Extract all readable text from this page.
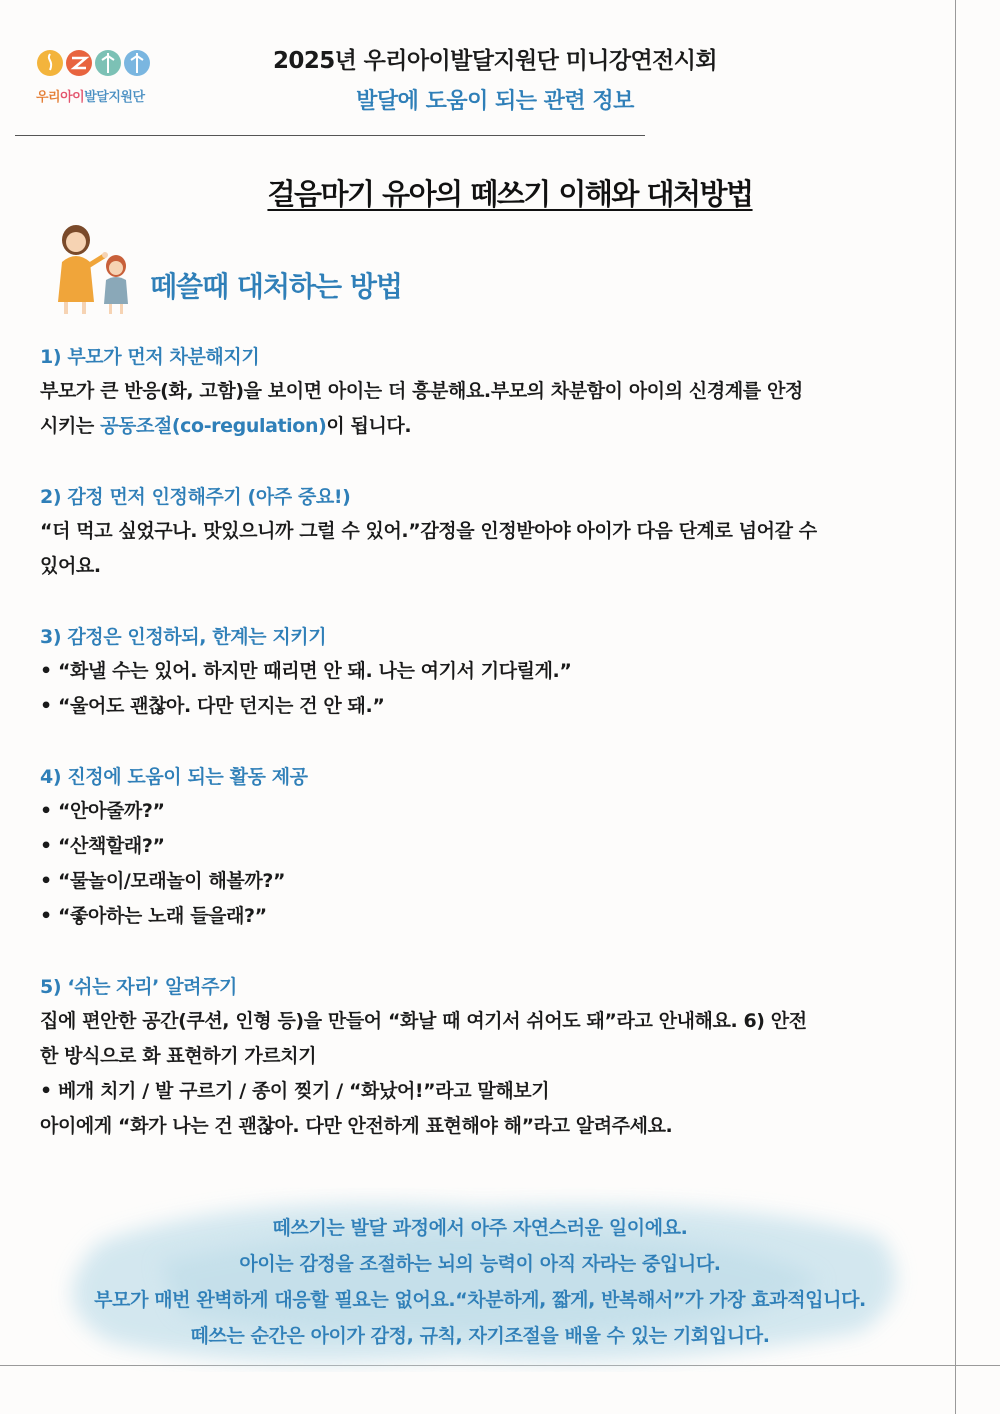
우리아이발달지원단
2025년 우리아이발달지원단 미니강연전시회
발달에 도움이 되는 관련 정보
걸음마기 유아의 떼쓰기 이해와 대처방법
떼쓸때 대처하는 방법
1) 부모가 먼저 차분해지기
부모가 큰 반응(화, 고함)을 보이면 아이는 더 흥분해요.부모의 차분함이 아이의 신경계를 안정
시키는 공동조절(co-regulation)이 됩니다.
2) 감정 먼저 인정해주기 (아주 중요!)
“더 먹고 싶었구나. 맛있으니까 그럴 수 있어.”감정을 인정받아야 아이가 다음 단계로 넘어갈 수
있어요.
3) 감정은 인정하되, 한계는 지키기
• “화낼 수는 있어. 하지만 때리면 안 돼. 나는 여기서 기다릴게.”
• “울어도 괜찮아. 다만 던지는 건 안 돼.”
4) 진정에 도움이 되는 활동 제공
• “안아줄까?”
• “산책할래?”
• “물놀이/모래놀이 해볼까?”
• “좋아하는 노래 들을래?”
5) ‘쉬는 자리’ 알려주기
집에 편안한 공간(쿠션, 인형 등)을 만들어 “화날 때 여기서 쉬어도 돼”라고 안내해요. 6) 안전
한 방식으로 화 표현하기 가르치기
• 베개 치기 / 발 구르기 / 종이 찢기 / “화났어!”라고 말해보기
아이에게 “화가 나는 건 괜찮아. 다만 안전하게 표현해야 해”라고 알려주세요.
떼쓰기는 발달 과정에서 아주 자연스러운 일이에요.
아이는 감정을 조절하는 뇌의 능력이 아직 자라는 중입니다.
부모가 매번 완벽하게 대응할 필요는 없어요.“차분하게, 짧게, 반복해서”가 가장 효과적입니다.
떼쓰는 순간은 아이가 감정, 규칙, 자기조절을 배울 수 있는 기회입니다.
